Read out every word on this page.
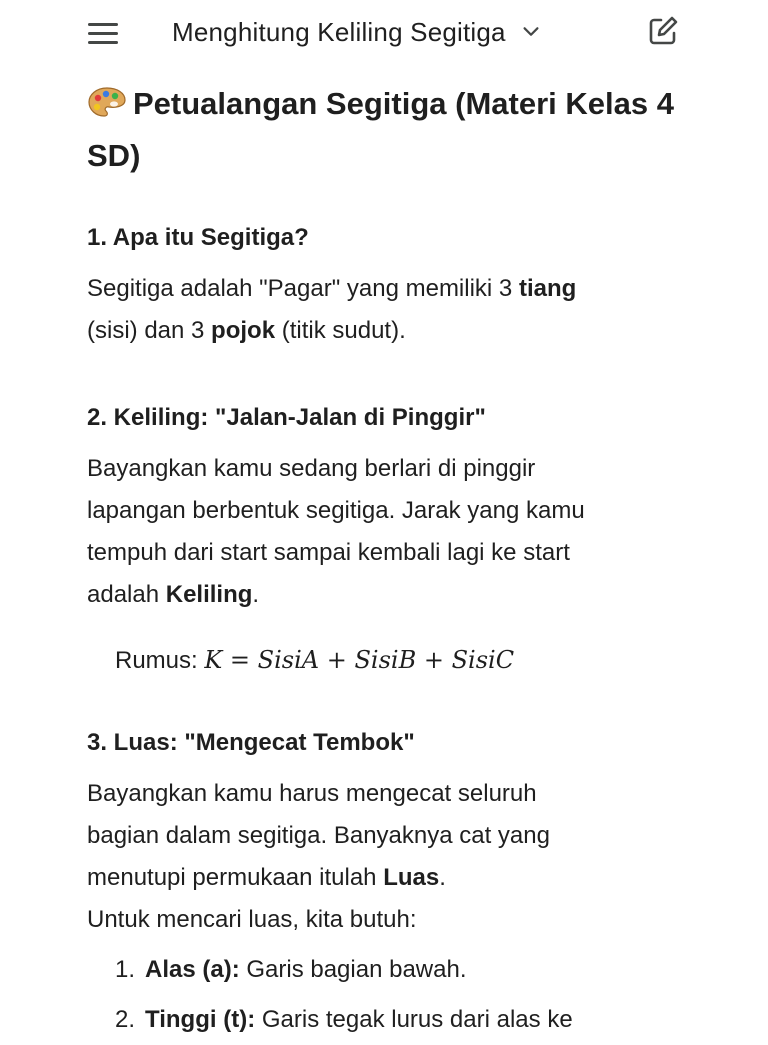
Menghitung Keliling Segitiga
Petualangan Segitiga (Materi Kelas 4 SD)
1. Apa itu Segitiga?

Segitiga adalah "Pagar" yang memiliki 3 tiang
(sisi) dan 3 pojok (titik sudut).

2. Keliling: "Jalan-Jalan di Pinggir"

Bayangkan kamu sedang berlari di pinggir
lapangan berbentuk segitiga. Jarak yang kamu
tempuh dari start sampai kembali lagi ke start
adalah Keliling.

Rumus: K = SisiA + SisiB + SisiC

3. Luas: "Mengecat Tembok"

Bayangkan kamu harus mengecat seluruh
bagian dalam segitiga. Banyaknya cat yang
menutupi permukaan itulah Luas.
Untuk mencari luas, kita butuh:

1. Alas (a): Garis bagian bawah.
2. Tinggi (t): Garis tegak lurus dari alas ke
